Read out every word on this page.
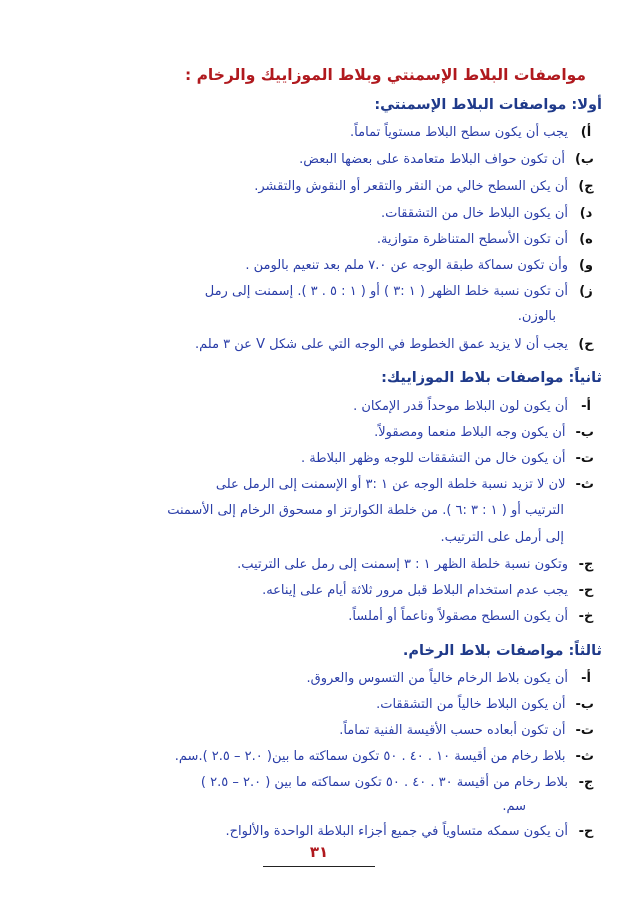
مواصفات البلاط الإسمنتي وبلاط الموزاييك والرخام :
أولا: مواصفات البلاط الإسمنتي:
أ)يجب أن يكون سطح البلاط مستوياً تماماً.
ب)أن تكون حواف البلاط متعامدة على بعضها البعض.
ج)أن يكن السطح خالي من النقر والتقعر أو النقوش والتقشر.
د)أن يكون البلاط خال من التشققات.
ه)أن تكون الأسطح المتناظرة متوازية.
و)وأن تكون سماكة طبقة الوجه عن ٧.٠ ملم بعد تنعيم بالومن .
ز)أن تكون نسبة خلط الظهر ( ١ :٣ ) أو ( ١ : ٥ . ٣ ). إسمنت إلى رمل
بالوزن.
ح)يجب أن لا يزيد عمق الخطوط في الوجه التي على شكل V عن ٣ ملم.
ثانياً: مواصفات بلاط الموزاييك:
أ-أن يكون لون البلاط موحداً قدر الإمكان .
ب-أن يكون وجه البلاط منعما ومصقولاً.
ت-أن يكون خال من التشققات للوجه وظهر البلاطة .
ث-لان لا تزيد نسبة خلطة الوجه عن ١ :٣ أو الإسمنت إلى الرمل على
الترتيب أو ( ١ : ٣ :٦ ). من خلطة الكوارتز او مسحوق الرخام إلى الأسمنت
إلى أرمل على الترتيب.
ج-وتكون نسبة خلطة الظهر ١ : ٣ إسمنت إلى رمل على الترتيب.
ح-يجب عدم استخدام البلاط قبل مرور ثلاثة أيام على إيناعه.
خ-أن يكون السطح مصقولاً وناعماً أو أملساً.
ثالثاً: مواصفات بلاط الرخام.
أ-أن يكون بلاط الرخام خالياً من التسوس والعروق.
ب-أن يكون البلاط خالياً من التشققات.
ت-أن تكون أبعاده حسب الأقيسة الفنية تماماً.
ث-بلاط رخام من أقيسة ١٠ . ٤٠ . ٥٠ تكون سماكته ما بين( ٢.٠ – ٢.٥ ).سم.
ج-بلاط رخام من أقيسة ٣٠ . ٤٠ . ٥٠ تكون سماكته ما بين ( ٢.٠ – ٢.٥ )
سم.
ح-أن يكون سمكه متساوياً في جميع أجزاء البلاطة الواحدة والألواح.
٣١
